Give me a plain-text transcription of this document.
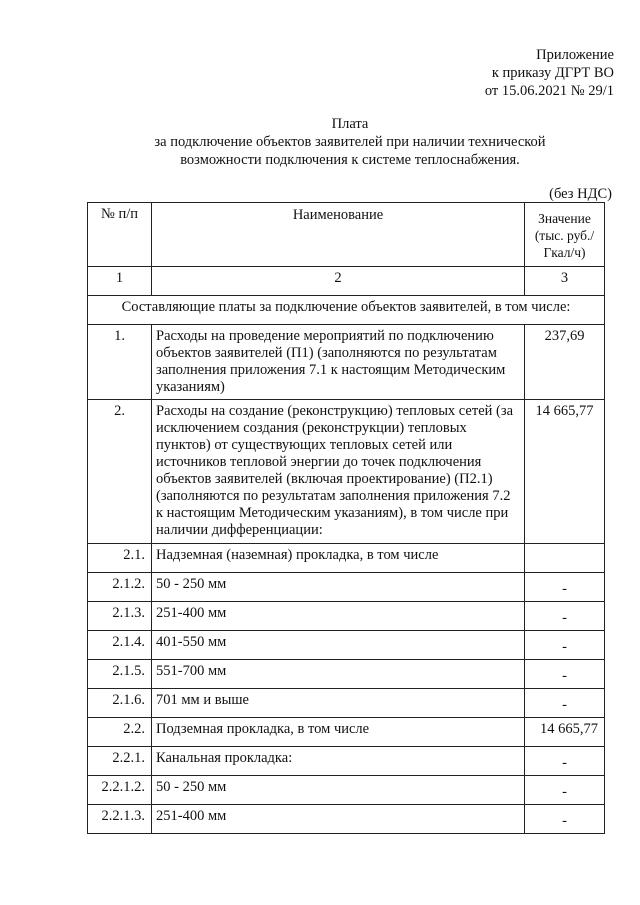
Приложение
к приказу ДГРТ ВО
от 15.06.2021 № 29/1
Плата
за подключение объектов заявителей при наличии технической
возможности подключения к системе теплоснабжения.
(без НДС)
№ п/п	Наименование	Значение (тыс. руб./Гкал/ч)
1	2	3
Составляющие платы за подключение объектов заявителей, в том числе:		
1.	Расходы на проведение мероприятий по подключению объектов заявителей (П1) (заполняются по результатам заполнения приложения 7.1 к настоящим Методическим указаниям)	237,69
2.	Расходы на создание (реконструкцию) тепловых сетей (за исключением создания (реконструкции) тепловых пунктов) от существующих тепловых сетей или источников тепловой энергии до точек подключения объектов заявителей (включая проектирование) (П2.1) (заполняются по результатам заполнения приложения 7.2 к настоящим Методическим указаниям), в том числе при наличии дифференциации:	14 665,77
2.1.	Надземная (наземная) прокладка, в том числе	
2.1.2.	50 - 250 мм	-
2.1.3.	251-400 мм	-
2.1.4.	401-550 мм	-
2.1.5.	551-700 мм	-
2.1.6.	701 мм и выше	-
2.2.	Подземная прокладка, в том числе	14 665,77
2.2.1.	Канальная прокладка:	-
2.2.1.2.	50 - 250 мм	-
2.2.1.3.	251-400 мм	-
